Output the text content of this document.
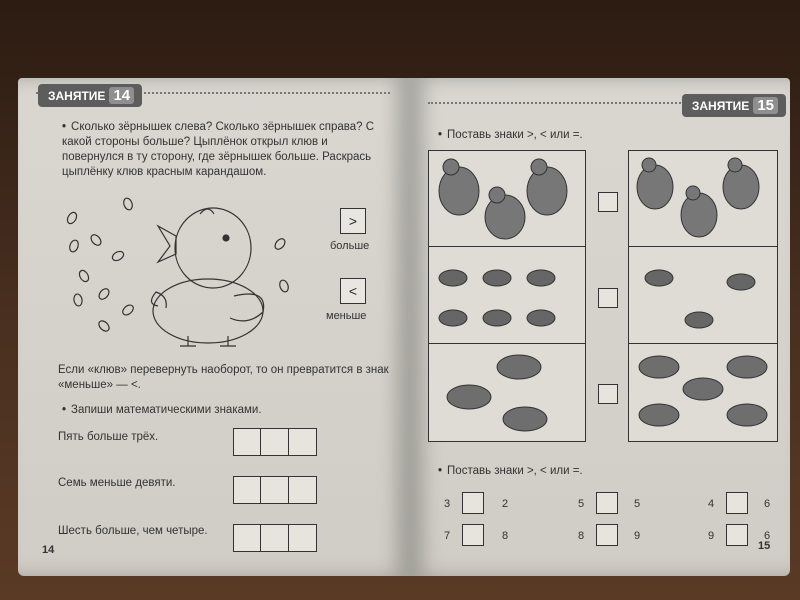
ЗАНЯТИЕ 14
• Сколько зёрнышек слева? Сколько зёрнышек справа? С какой стороны больше? Цыплёнок открыл клюв и повернулся в ту сторону, где зёрнышек больше. Раскрась цыплёнку клюв красным карандашом.
>
больше
<
меньше
Если «клюв» перевернуть наоборот, то он превратится в знак «меньше» — <.
• Запиши математическими знаками.
Пять больше трёх.
Семь меньше девяти.
Шесть больше, чем четыре.
14
ЗАНЯТИЕ 15
• Поставь знаки >, < или =.
• Поставь знаки >, < или =.
3	2
7	8
5	5
8	9
4	6
9	6
15
